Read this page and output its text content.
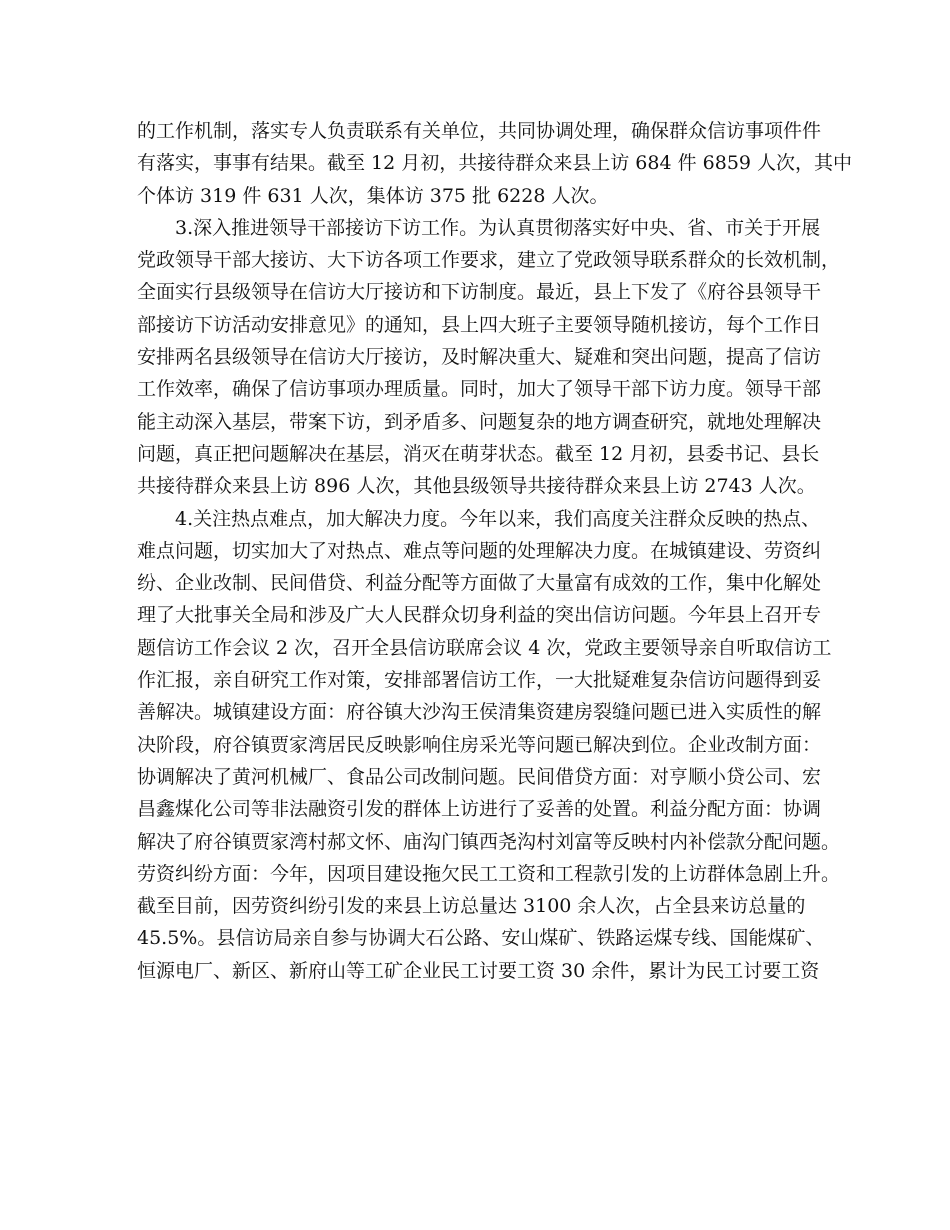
的工作机制，落实专人负责联系有关单位，共同协调处理，确保群众信访事项件件
有落实，事事有结果。截至 12 月初，共接待群众来县上访 684 件 6859 人次，其中
个体访 319 件 631 人次，集体访 375 批 6228 人次。
3.深入推进领导干部接访下访工作。为认真贯彻落实好中央、省、市关于开展
党政领导干部大接访、大下访各项工作要求，建立了党政领导联系群众的长效机制，
全面实行县级领导在信访大厅接访和下访制度。最近，县上下发了《府谷县领导干
部接访下访活动安排意见》的通知，县上四大班子主要领导随机接访，每个工作日
安排两名县级领导在信访大厅接访，及时解决重大、疑难和突出问题，提高了信访
工作效率，确保了信访事项办理质量。同时，加大了领导干部下访力度。领导干部
能主动深入基层，带案下访，到矛盾多、问题复杂的地方调查研究，就地处理解决
问题，真正把问题解决在基层，消灭在萌芽状态。截至 12 月初，县委书记、县长
共接待群众来县上访 896 人次，其他县级领导共接待群众来县上访 2743 人次。
4.关注热点难点，加大解决力度。今年以来，我们高度关注群众反映的热点、
难点问题，切实加大了对热点、难点等问题的处理解决力度。在城镇建设、劳资纠
纷、企业改制、民间借贷、利益分配等方面做了大量富有成效的工作，集中化解处
理了大批事关全局和涉及广大人民群众切身利益的突出信访问题。今年县上召开专
题信访工作会议 2 次，召开全县信访联席会议 4 次，党政主要领导亲自听取信访工
作汇报，亲自研究工作对策，安排部署信访工作，一大批疑难复杂信访问题得到妥
善解决。城镇建设方面：府谷镇大沙沟王侯清集资建房裂缝问题已进入实质性的解
决阶段，府谷镇贾家湾居民反映影响住房采光等问题已解决到位。企业改制方面：
协调解决了黄河机械厂、食品公司改制问题。民间借贷方面：对亨顺小贷公司、宏
昌鑫煤化公司等非法融资引发的群体上访进行了妥善的处置。利益分配方面：协调
解决了府谷镇贾家湾村郝文怀、庙沟门镇西尧沟村刘富等反映村内补偿款分配问题。
劳资纠纷方面：今年，因项目建设拖欠民工工资和工程款引发的上访群体急剧上升。
截至目前，因劳资纠纷引发的来县上访总量达 3100 余人次，占全县来访总量的
45.5%。县信访局亲自参与协调大石公路、安山煤矿、铁路运煤专线、国能煤矿、
恒源电厂、新区、新府山等工矿企业民工讨要工资 30 余件，累计为民工讨要工资
